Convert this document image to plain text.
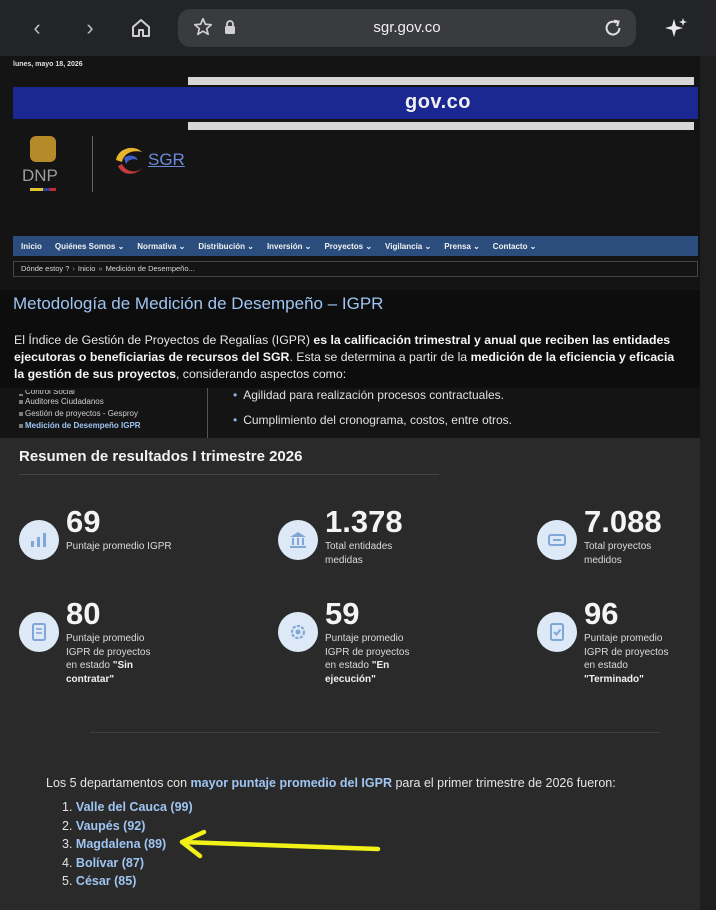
‹	›	sgr.gov.co
lunes, mayo 18, 2026
gov.co
DNP
SGR
Inicio Quiénes Somos ⌄ Normativa ⌄ Distribución ⌄ Inversión ⌄ Proyectos ⌄ Vigilancia ⌄ Prensa ⌄ Contacto ⌄
Dónde estoy ? › Inicio » Medición de Desempeño...
Metodología de Medición de Desempeño – IGPR

El Índice de Gestión de Proyectos de Regalías (IGPR) es la calificación trimestral y anual que reciben las entidades
ejecutoras o beneficiarias de recursos del SGR. Esta se determina a partir de la medición de la eficiencia y eficacia
la gestión de sus proyectos, considerando aspectos como:

Control Social
Auditores Ciudadanos
Gestión de proyectos - Gesproy
Medición de Desempeño IGPR
• Agilidad para realización procesos contractuales.
• Cumplimiento del cronograma, costos, entre otros.
Resumen de resultados I trimestre 2026
69
Puntaje promedio IGPR
1.378
Total entidades medidas
7.088
Total proyectos medidos
80
Puntaje promedio IGPR de proyectos en estado "Sin contratar"
59
Puntaje promedio IGPR de proyectos en estado "En ejecución"
96
Puntaje promedio IGPR de proyectos en estado "Terminado"
Los 5 departamentos con mayor puntaje promedio del IGPR para el primer trimestre de 2026 fueron:
1. Valle del Cauca (99)
2. Vaupés (92)
3. Magdalena (89)
4. Bolívar (87)
5. César (85)
